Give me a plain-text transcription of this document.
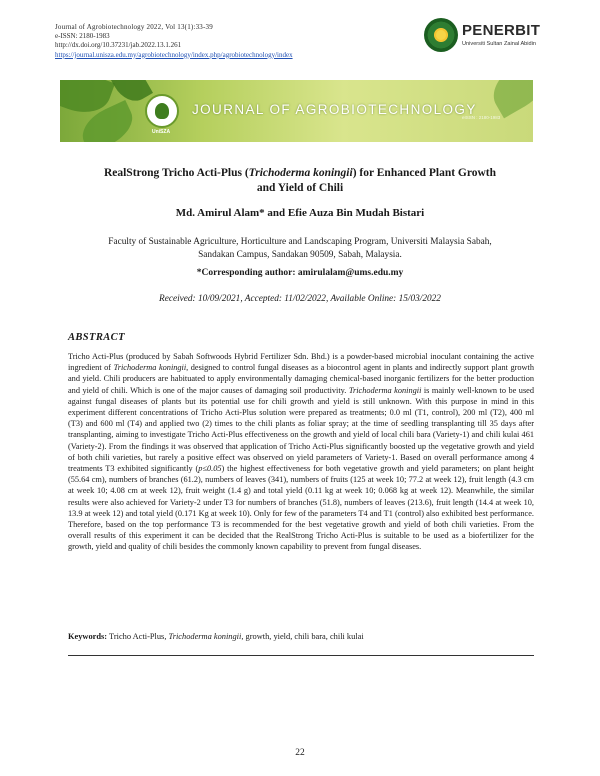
Journal of Agrobiotechnology 2022, Vol 13(1):33-39
e-ISSN: 2180-1983
http://dx.doi.org/10.37231/jab.2022.13.1.261
https://journal.unisza.edu.my/agrobiotechnology/index.php/agrobiotechnology/index
PENERBIT
Universiti Sultan Zainal Abidin
UniSZA
JOURNAL OF AGROBIOTECHNOLOGY
eISSN : 2180-1983
RealStrong Tricho Acti-Plus (Trichoderma koningii) for Enhanced Plant Growth and Yield of Chili
Md. Amirul Alam* and Efie Auza Bin Mudah Bistari
Faculty of Sustainable Agriculture, Horticulture and Landscaping Program, Universiti Malaysia Sabah,
Sandakan Campus, Sandakan 90509, Sabah, Malaysia.
*Corresponding author: amirulalam@ums.edu.my
Received: 10/09/2021, Accepted: 11/02/2022, Available Online: 15/03/2022
ABSTRACT
Tricho Acti-Plus (produced by Sabah Softwoods Hybrid Fertilizer Sdn. Bhd.) is a powder-based microbial inoculant containing the active ingredient of Trichoderma koningii, designed to control fungal diseases as a biocontrol agent in plants and indirectly support plant growth and yield. Chili producers are habituated to apply environmentally damaging chemical-based inorganic fertilizers for the better production and yield of chili. Which is one of the major causes of damaging soil productivity. Trichoderma koningii is mainly well-known to be used against fungal diseases of plants but its potential use for chili growth and yield is still unknown. With this purpose in mind in this experiment different concentrations of Tricho Acti-Plus solution were prepared as treatments; 0.0 ml (T1, control), 200 ml (T2), 400 ml (T3) and 600 ml (T4) and applied two (2) times to the chili plants as foliar spray; at the time of seedling transplanting till 35 days after transplanting, aiming to investigate Tricho Acti-Plus effectiveness on the growth and yield of local chili bara (Variety-1) and chili kulai 461 (Variety-2). From the findings it was observed that application of Tricho Acti-Plus significantly boosted up the vegetative growth and yield of both chili varieties, but rarely a positive effect was observed on yield parameters of Variety-1. Based on overall performance among 4 treatments T3 exhibited significantly (p≤0.05) the highest effectiveness for both vegetative growth and yield parameters; on plant height (55.64 cm), numbers of branches (61.2), numbers of leaves (341), numbers of fruits (125 at week 10; 77.2 at week 12), fruit length (4.3 cm at week 10; 4.08 cm at week 12), fruit weight (1.4 g) and total yield (0.11 kg at week 10; 0.068 kg at week 12). Meanwhile, the similar results were also achieved for Variety-2 under T3 for numbers of branches (51.8), numbers of leaves (213.6), fruit length (14.4 at week 10, 13.9 at week 12) and total yield (0.171 Kg at week 10). Only for few of the parameters T4 and T1 (control) also exhibited best performance. Therefore, based on the top performance T3 is recommended for the best vegetative growth and yield of both chili varieties. From the overall results of this experiment it can be decided that the RealStrong Tricho Acti-Plus is suitable to be used as a biofertilizer for the growth, yield and quality of chili besides the commonly known capability to prevent from fungal diseases.
Keywords: Tricho Acti-Plus, Trichoderma koningii, growth, yield, chili bara, chili kulai
22
